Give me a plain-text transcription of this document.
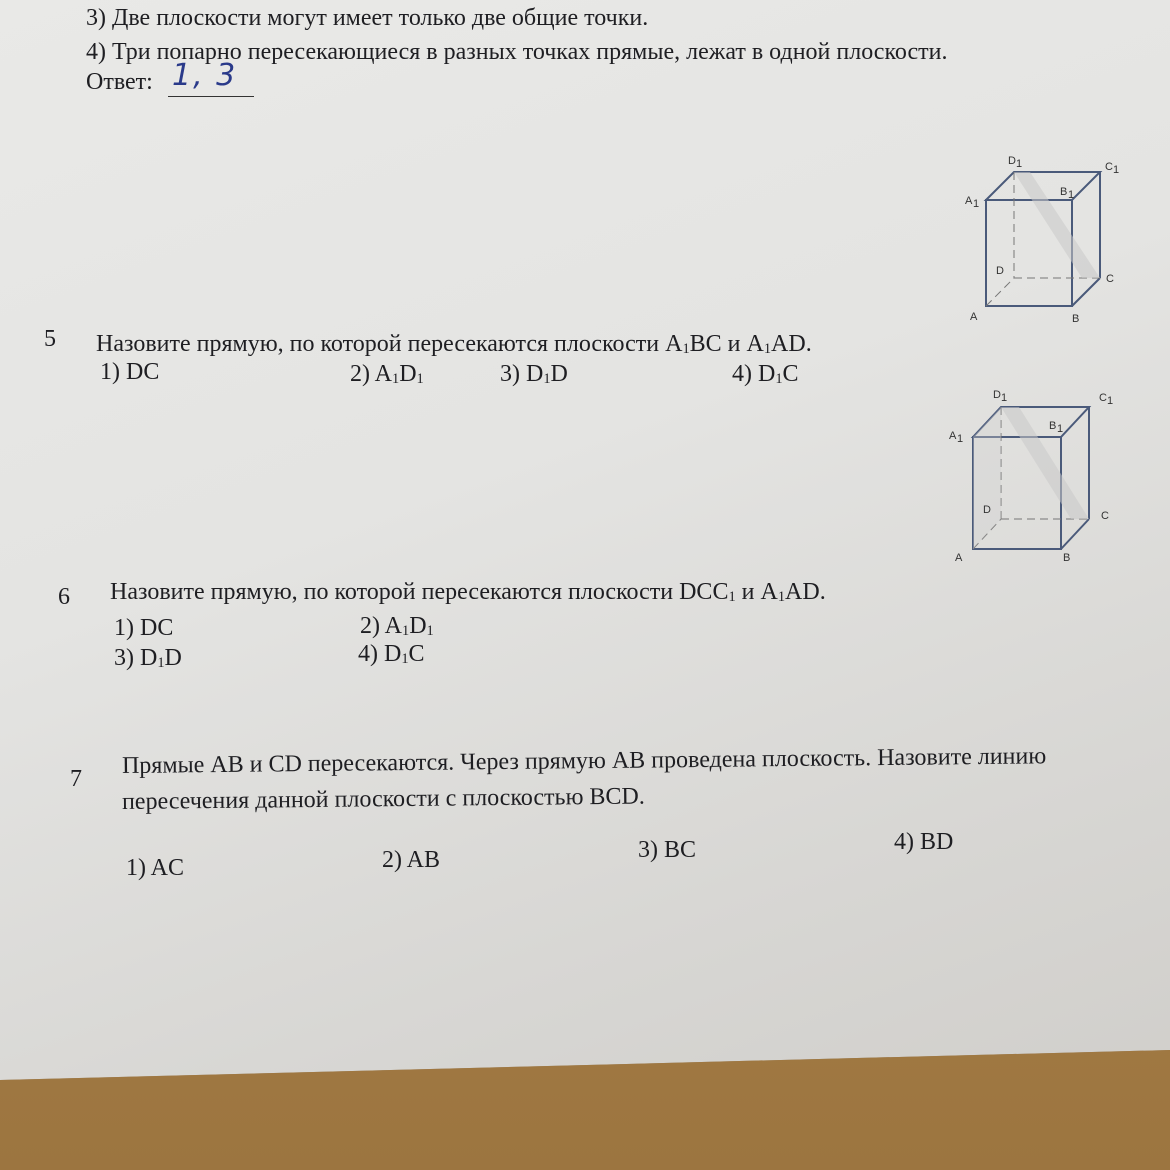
3) Две плоскости могут имеет только две общие точки.
4) Три попарно пересекающиеся в разных точках прямые, лежат в одной плоскости.
Ответ: 1, 3
D 1	C 1
B 1
A 1
D
C
A	B
5 Назовите прямую, по которой пересекаются плоскости $A_1BC$ и $A_1AD$.
1) DC	2) $A_1D_1$	3) $D_1D$	4) $D_1C$
D 1	C 1
B 1
A 1
D	C
A	B
6 Назовите прямую, по которой пересекаются плоскости $DCC_1$ и $A_1AD$.
1) DC	2) $A_1D_1$
3) $D_1D$	4) $D_1C$
7
Прямые AB и CD пересекаются. Через прямую AB проведена плоскость. Назовите линию
пересечения данной плоскости с плоскостью BCD.
1) AC	2) AB	3) BC	4) BD
